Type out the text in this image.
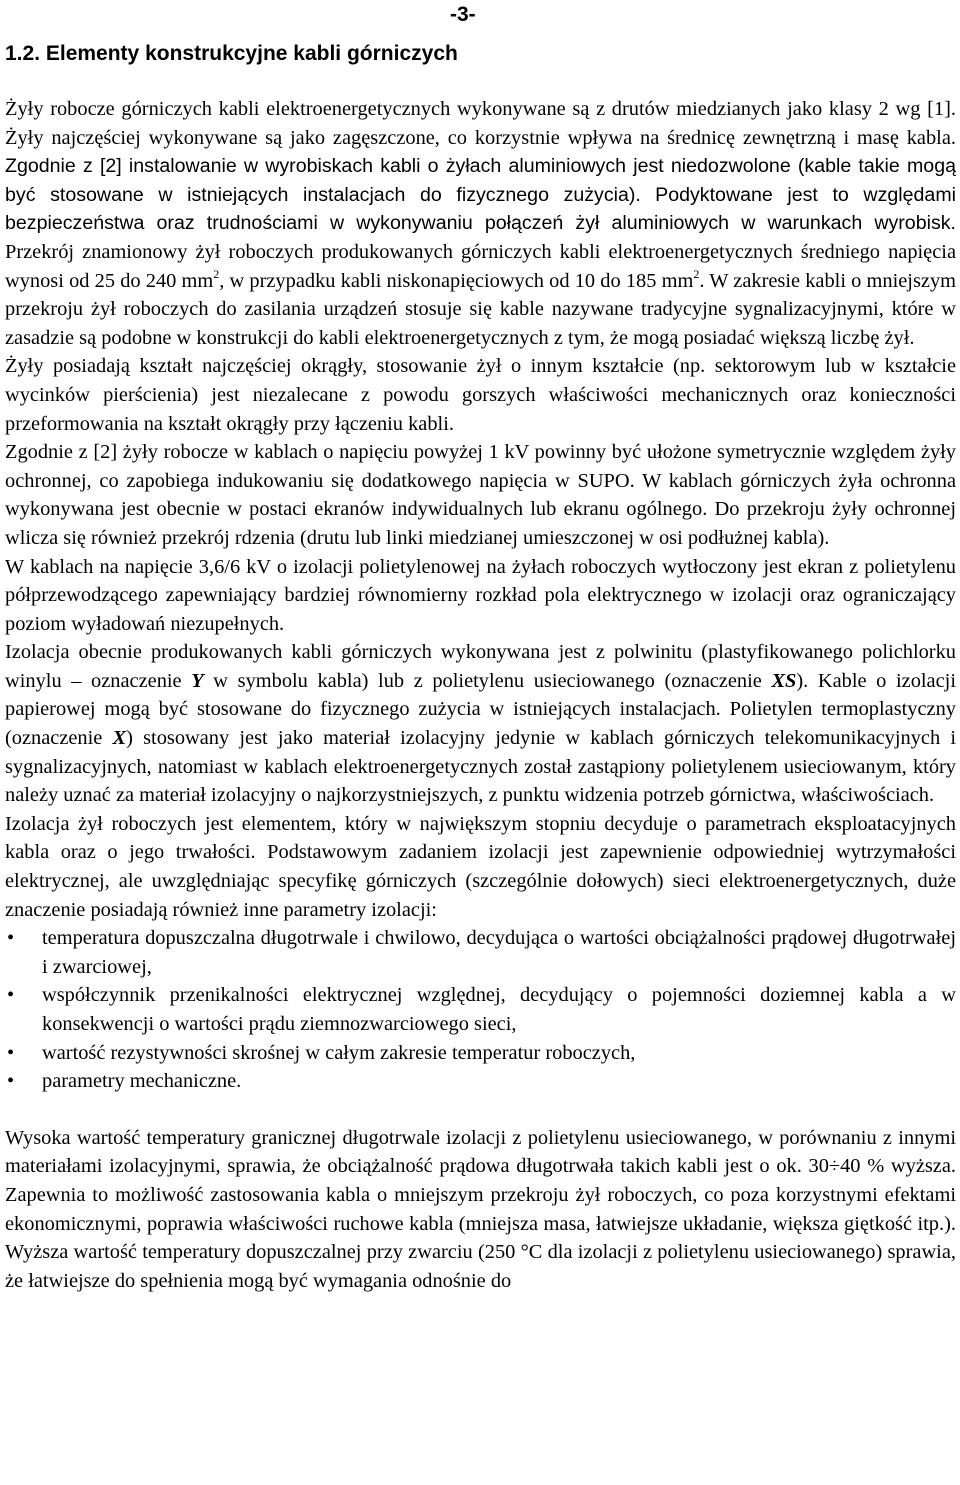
-3-
1.2. Elementy konstrukcyjne kabli górniczych

Żyły robocze górniczych kabli elektroenergetycznych wykonywane są z drutów miedzianych jako klasy 2 wg [1]. Żyły najczęściej wykonywane są jako zagęszczone, co korzystnie wpływa na średnicę zewnętrzną i masę kabla. Zgodnie z [2] instalowanie w wyrobiskach kabli o żyłach aluminiowych jest niedozwolone (kable takie mogą być stosowane w istniejących instalacjach do fizycznego zużycia). Podyktowane jest to względami bezpieczeństwa oraz trudnościami w wykonywaniu połączeń żył aluminiowych w warunkach wyrobisk. Przekrój znamionowy żył roboczych produkowanych górniczych kabli elektroenergetycznych średniego napięcia wynosi od 25 do 240 $mm^2$, w przypadku kabli niskonapięciowych od 10 do 185 $mm^2$. W zakresie kabli o mniejszym przekroju żył roboczych do zasilania urządzeń stosuje się kable nazywane tradycyjne sygnalizacyjnymi, które w zasadzie są podobne w konstrukcji do kabli elektroenergetycznych z tym, że mogą posiadać większą liczbę żył.

Żyły posiadają kształt najczęściej okrągły, stosowanie żył o innym kształcie (np. sektorowym lub w kształcie wycinków pierścienia) jest niezalecane z powodu gorszych właściwości mechanicznych oraz konieczności przeformowania na kształt okrągły przy łączeniu kabli.

Zgodnie z [2] żyły robocze w kablach o napięciu powyżej 1 kV powinny być ułożone symetrycznie względem żyły ochronnej, co zapobiega indukowaniu się dodatkowego napięcia w SUPO. W kablach górniczych żyła ochronna wykonywana jest obecnie w postaci ekranów indywidualnych lub ekranu ogólnego. Do przekroju żyły ochronnej wlicza się również przekrój rdzenia (drutu lub linki miedzianej umieszczonej w osi podłużnej kabla).

W kablach na napięcie 3,6/6 kV o izolacji polietylenowej na żyłach roboczych wytłoczony jest ekran z polietylenu półprzewodzącego zapewniający bardziej równomierny rozkład pola elektrycznego w izolacji oraz ograniczający poziom wyładowań niezupełnych.

Izolacja obecnie produkowanych kabli górniczych wykonywana jest z polwinitu (plastyfikowanego polichlorku winylu – oznaczenie Y w symbolu kabla) lub z polietylenu usieciowanego (oznaczenie XS). Kable o izolacji papierowej mogą być stosowane do fizycznego zużycia w istniejących instalacjach. Polietylen termoplastyczny (oznaczenie X) stosowany jest jako materiał izolacyjny jedynie w kablach górniczych telekomunikacyjnych i sygnalizacyjnych, natomiast w kablach elektroenergetycznych został zastąpiony polietylenem usieciowanym, który należy uznać za materiał izolacyjny o najkorzystniejszych, z punktu widzenia potrzeb górnictwa, właściwościach.

Izolacja żył roboczych jest elementem, który w największym stopniu decyduje o parametrach eksploatacyjnych kabla oraz o jego trwałości. Podstawowym zadaniem izolacji jest zapewnienie odpowiedniej wytrzymałości elektrycznej, ale uwzględniając specyfikę górniczych (szczególnie dołowych) sieci elektroenergetycznych, duże znaczenie posiadają również inne parametry izolacji:

• temperatura dopuszczalna długotrwale i chwilowo, decydująca o wartości obciążalności prądowej długotrwałej i zwarciowej,
• współczynnik przenikalności elektrycznej względnej, decydujący o pojemności doziemnej kabla a w konsekwencji o wartości prądu ziemnozwarciowego sieci,
• wartość rezystywności skrośnej w całym zakresie temperatur roboczych,
• parametry mechaniczne.

Wysoka wartość temperatury granicznej długotrwale izolacji z polietylenu usieciowanego, w porównaniu z innymi materiałami izolacyjnymi, sprawia, że obciążalność prądowa długotrwała takich kabli jest o ok. 30÷40 % wyższa. Zapewnia to możliwość zastosowania kabla o mniejszym przekroju żył roboczych, co poza korzystnymi efektami ekonomicznymi, poprawia właściwości ruchowe kabla (mniejsza masa, łatwiejsze układanie, większa giętkość itp.). Wyższa wartość temperatury dopuszczalnej przy zwarciu (250 °C dla izolacji z polietylenu usieciowanego) sprawia, że łatwiejsze do spełnienia mogą być wymagania odnośnie do
